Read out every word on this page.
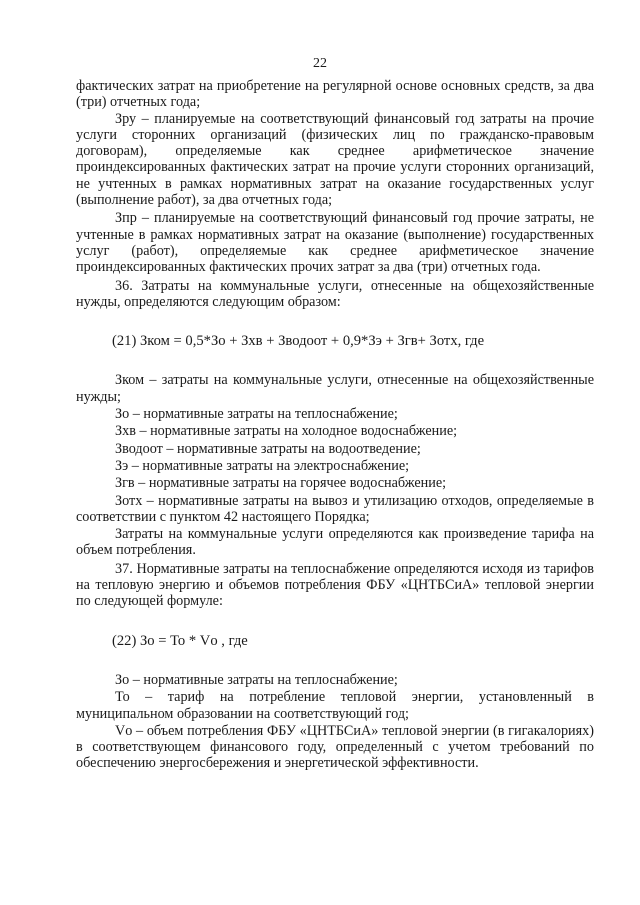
22

фактических затрат на приобретение на регулярной основе основных средств, за два (три) отчетных года;

Зру – планируемые на соответствующий финансовый год затраты на прочие услуги сторонних организаций (физических лиц по гражданско-правовым договорам), определяемые как среднее арифметическое значение проиндексированных фактических затрат на прочие услуги сторонних организаций, не учтенных в рамках нормативных затрат на оказание государственных услуг (выполнение работ), за два отчетных года;

Зпр – планируемые на соответствующий финансовый год прочие затраты, не учтенные в рамках нормативных затрат на оказание (выполнение) государственных услуг (работ), определяемые как среднее арифметическое значение проиндексированных фактических прочих затрат за два (три) отчетных года.

36. Затраты на коммунальные услуги, отнесенные на общехозяйственные нужды, определяются следующим образом:

(21) Зком = 0,5*Зо + Зхв + Зводоот + 0,9*Зэ + Згв+ Зотх, где

Зком – затраты на коммунальные услуги, отнесенные на общехозяйственные нужды;

Зо – нормативные затраты на теплоснабжение;

Зхв – нормативные затраты на холодное водоснабжение;

Зводоот – нормативные затраты на водоотведение;

Зэ – нормативные затраты на электроснабжение;

Згв – нормативные затраты на горячее водоснабжение;

Зотх – нормативные затраты на вывоз и утилизацию отходов, определяемые в соответствии с пунктом 42 настоящего Порядка;

Затраты на коммунальные услуги определяются как произведение тарифа на объем потребления.

37. Нормативные затраты на теплоснабжение определяются исходя из тарифов на тепловую энергию и объемов потребления ФБУ «ЦНТБСиА» тепловой энергии по следующей формуле:

(22) Зо = То * Vо , где

Зо – нормативные затраты на теплоснабжение;

То – тариф на потребление тепловой энергии, установленный в муниципальном образовании на соответствующий год;

Vо – объем потребления ФБУ «ЦНТБСиА» тепловой энергии (в гигакалориях) в соответствующем финансового году, определенный с учетом требований по обеспечению энергосбережения и энергетической эффективности.
